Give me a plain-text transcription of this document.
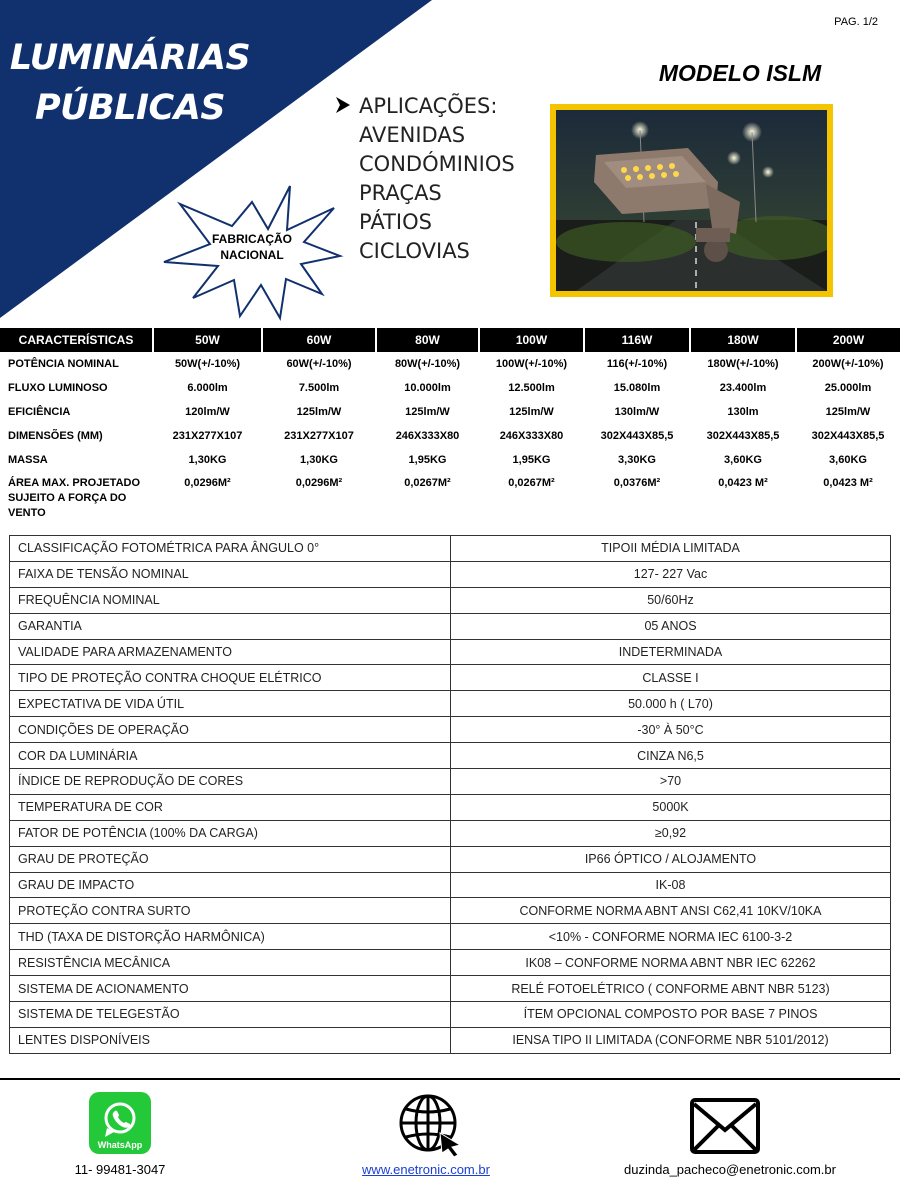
LUMINÁRIAS
PÚBLICAS
FABRICAÇÃO
NACIONAL
PAG. 1/2
MODELO ISLM
APLICAÇÕES:
AVENIDAS
CONDÓMINIOS
PRAÇAS
PÁTIOS
CICLOVIAS
CARACTERÍSTICAS	50W	60W	80W	100W	116W	180W	200W
POTÊNCIA NOMINAL	50W(+/-10%)	60W(+/-10%)	80W(+/-10%)	100W(+/-10%)	116(+/-10%)	180W(+/-10%)	200W(+/-10%)
FLUXO LUMINOSO	6.000lm	7.500lm	10.000lm	12.500lm	15.080lm	23.400lm	25.000lm
EFICIÊNCIA	120lm/W	125lm/W	125lm/W	125lm/W	130lm/W	130lm	125lm/W
DIMENSÕES (MM)	231X277X107	231X277X107	246X333X80	246X333X80	302X443X85,5	302X443X85,5	302X443X85,5
MASSA	1,30KG	1,30KG	1,95KG	1,95KG	3,30KG	3,60KG	3,60KG
ÁREA MAX. PROJETADO SUJEITO A FORÇA DO VENTO	0,0296M²	0,0296M²	0,0267M²	0,0267M²	0,0376M²	0,0423 M²	0,0423 M²
CLASSIFICAÇÃO FOTOMÉTRICA PARA ÂNGULO 0°	TIPOII MÉDIA LIMITADA
FAIXA DE TENSÃO NOMINAL	127- 227 Vac
FREQUÊNCIA NOMINAL	50/60Hz
GARANTIA	05 ANOS
VALIDADE PARA ARMAZENAMENTO	INDETERMINADA
TIPO DE PROTEÇÃO CONTRA CHOQUE ELÉTRICO	CLASSE I
EXPECTATIVA DE VIDA ÚTIL	50.000 h ( L70)
CONDIÇÕES DE OPERAÇÃO	-30° À 50°C
COR DA LUMINÁRIA	CINZA N6,5
ÍNDICE DE REPRODUÇÃO DE CORES	>70
TEMPERATURA DE COR	5000K
FATOR DE POTÊNCIA (100% DA CARGA)	≥0,92
GRAU DE PROTEÇÃO	IP66 ÓPTICO / ALOJAMENTO
GRAU DE IMPACTO	IK-08
PROTEÇÃO CONTRA SURTO	CONFORME NORMA ABNT ANSI C62,41 10KV/10KA
THD (TAXA DE DISTORÇÃO HARMÔNICA)	<10% - CONFORME NORMA IEC 6100-3-2
RESISTÊNCIA MECÂNICA	IK08 – CONFORME NORMA ABNT NBR IEC 62262
SISTEMA DE ACIONAMENTO	RELÉ FOTOELÉTRICO ( CONFORME ABNT NBR 5123)
SISTEMA DE TELEGESTÃO	ÍTEM OPCIONAL COMPOSTO POR BASE 7 PINOS
LENTES DISPONÍVEIS	IENSA TIPO II LIMITADA (CONFORME NBR 5101/2012)
WhatsApp
11- 99481-3047	www.enetronic.com.br	duzinda_pacheco@enetronic.com.br
